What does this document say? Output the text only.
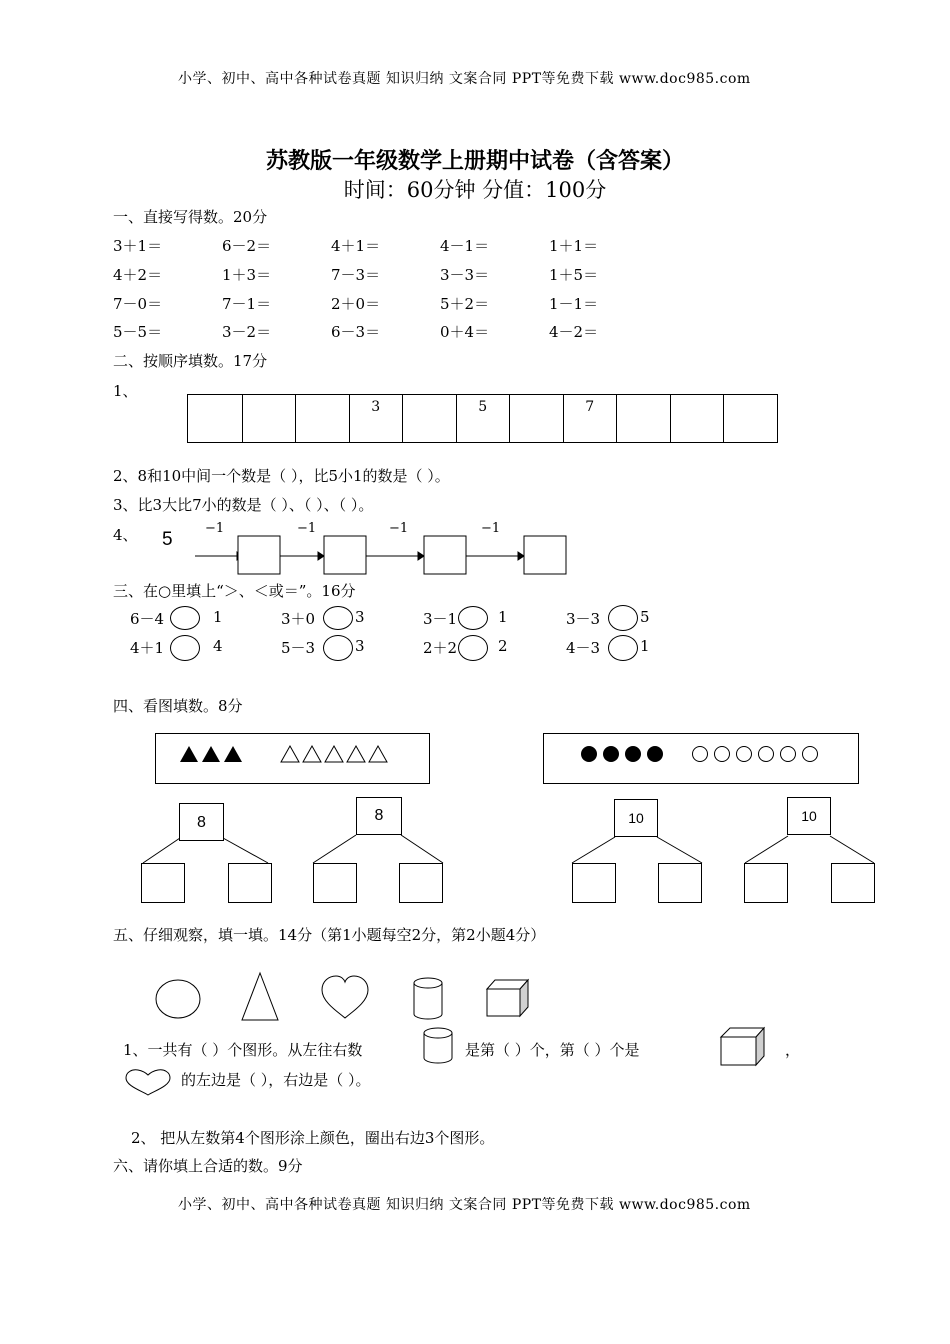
小学、初中、高中各种试卷真题 知识归纳 文案合同 PPT等免费下载 www.doc985.com
苏教版一年级数学上册期中试卷（含答案）
时间：60分钟 分值：100分
一、直接写得数。20分
3＋1＝	6－2＝	4＋1＝	4－1＝	1＋1＝
4＋2＝	1＋3＝	7－3＝	3－3＝	1＋5＝
7－0＝	7－1＝	2＋0＝	5＋2＝	1－1＝
5－5＝	3－2＝	6－3＝	0＋4＝	4－2＝
二、按顺序填数。17分
1、
3	5	7
2、8和10中间一个数是（ ），比5小1的数是（ ）。
3、比3大比7小的数是（ ）、（ ）、（ ）。
4、 5
−1	−1	−1	−1
三、在○里填上“＞、＜或＝”。16分
6－4	1	3＋0	3	3－1	1	3－3	5
4＋1	4	5－3	3	2＋2	2	4－3	1
四、看图填数。8分
8	8	10	10
五、仔细观察，填一填。14分（第1小题每空2分，第2小题4分）
1、一共有（ ）个图形。从左往右数	是第（ ）个，第（ ）个是	，
的左边是（ ），右边是（ ）。
2、 把从左数第4个图形涂上颜色，圈出右边3个图形。
六、请你填上合适的数。9分
小学、初中、高中各种试卷真题 知识归纳 文案合同 PPT等免费下载 www.doc985.com
